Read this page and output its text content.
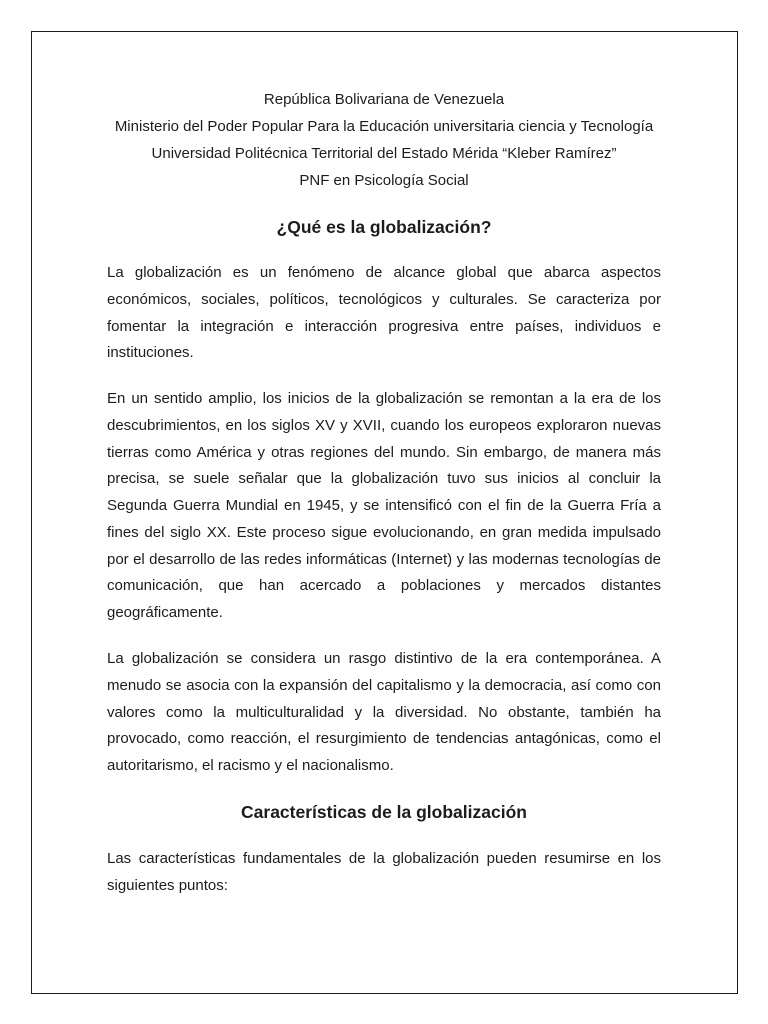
República Bolivariana de Venezuela
Ministerio del Poder Popular Para la Educación universitaria ciencia y Tecnología
Universidad Politécnica Territorial del Estado Mérida “Kleber Ramírez”
PNF en Psicología Social
¿Qué es la globalización?
La globalización es un fenómeno de alcance global que abarca aspectos
económicos, sociales, políticos, tecnológicos y culturales. Se caracteriza por
fomentar la integración e interacción progresiva entre países, individuos e
instituciones.
En un sentido amplio, los inicios de la globalización se remontan a la era de los
descubrimientos, en los siglos XV y XVII, cuando los europeos exploraron nuevas
tierras como América y otras regiones del mundo. Sin embargo, de manera más
precisa, se suele señalar que la globalización tuvo sus inicios al concluir la
Segunda Guerra Mundial en 1945, y se intensificó con el fin de la Guerra Fría a
fines del siglo XX. Este proceso sigue evolucionando, en gran medida impulsado
por el desarrollo de las redes informáticas (Internet) y las modernas tecnologías de
comunicación, que han acercado a poblaciones y mercados distantes
geográficamente.
La globalización se considera un rasgo distintivo de la era contemporánea. A
menudo se asocia con la expansión del capitalismo y la democracia, así como con
valores como la multiculturalidad y la diversidad. No obstante, también ha
provocado, como reacción, el resurgimiento de tendencias antagónicas, como el
autoritarismo, el racismo y el nacionalismo.
Características de la globalización
Las características fundamentales de la globalización pueden resumirse en los
siguientes puntos:
